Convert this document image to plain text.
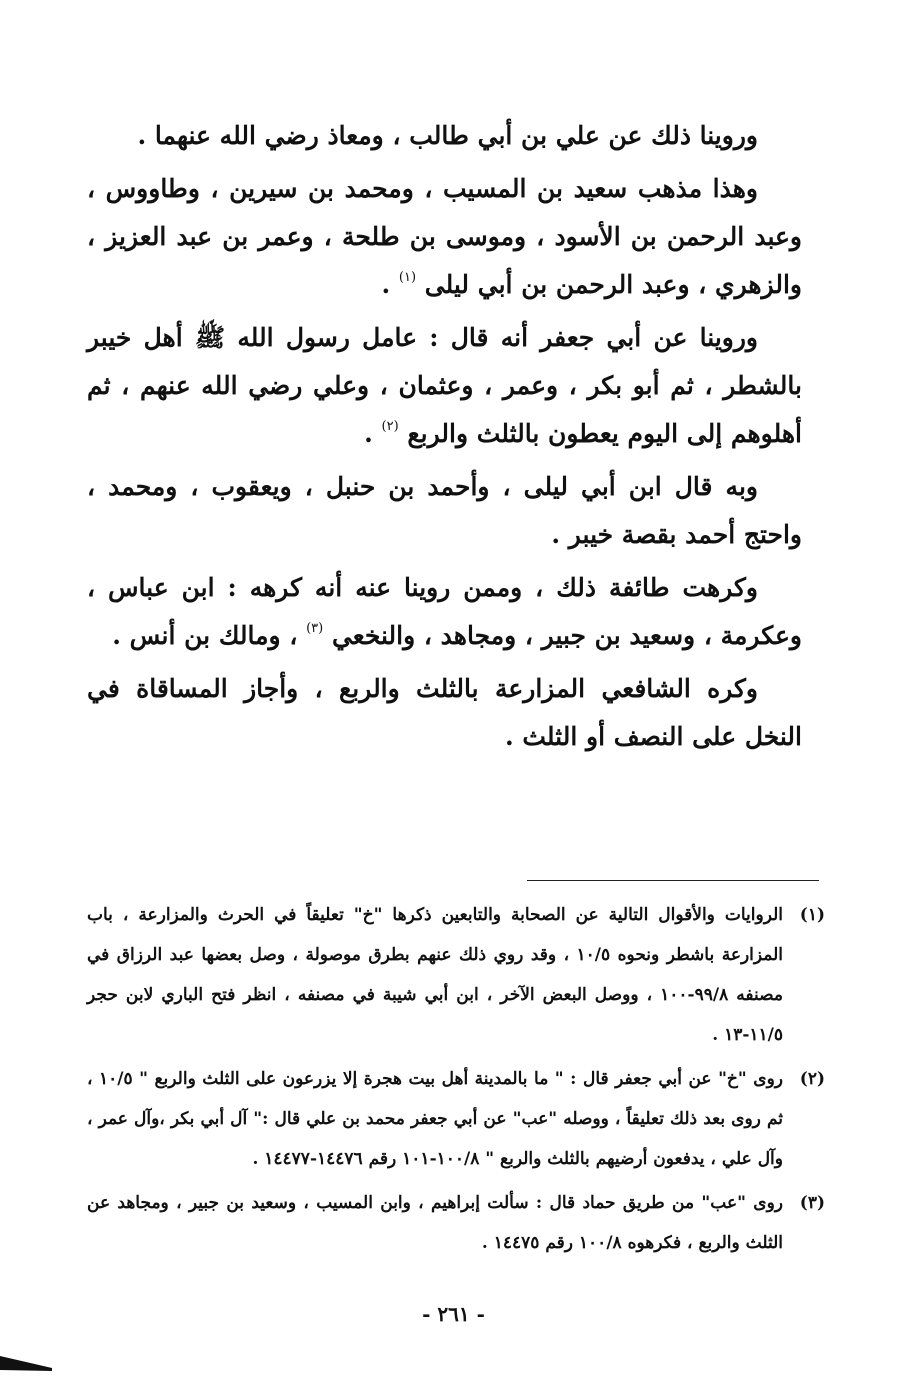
وروينا ذلك عن علي بن أبي طالب ، ومعاذ رضي الله عنهما .

وهذا مذهب سعيد بن المسيب ، ومحمد بن سيرين ، وطاووس ، وعبد الرحمن بن الأسود ، وموسى بن طلحة ، وعمر بن عبد العزيز ، والزهري ، وعبد الرحمن بن أبي ليلى $^{(١)}$ .

وروينا عن أبي جعفر أنه قال : عامل رسول الله ﷺ أهل خيبر بالشطر ، ثم أبو بكر ، وعمر ، وعثمان ، وعلي رضي الله عنهم ، ثم أهلوهم إلى اليوم يعطون بالثلث والربع $^{(٢)}$ .

وبه قال ابن أبي ليلى ، وأحمد بن حنبل ، ويعقوب ، ومحمد ، واحتج أحمد بقصة خيبر .

وكرهت طائفة ذلك ، وممن روينا عنه أنه كرهه : ابن عباس ، وعكرمة ، وسعيد بن جبير ، ومجاهد ، والنخعي $^{(٣)}$ ، ومالك بن أنس .

وكره الشافعي المزارعة بالثلث والربع ، وأجاز المساقاة في النخل على النصف أو الثلث .

(١)
الروايات والأقوال التالية عن الصحابة والتابعين ذكرها "خ" تعليقاً في الحرث والمزارعة ، باب المزارعة باشطر ونحوه ١٠/٥ ، وقد روي ذلك عنهم بطرق موصولة ، وصل بعضها عبد الرزاق في مصنفه ٩٩/٨-١٠٠ ، ووصل البعض الآخر ، ابن أبي شيبة في مصنفه ، انظر فتح الباري لابن حجر ١١/٥-١٣ .
(٢)
روى "خ" عن أبي جعفر قال : " ما بالمدينة أهل بيت هجرة إلا يزرعون على الثلث والربع " ١٠/٥ ، ثم روى بعد ذلك تعليقاً ، ووصله "عب" عن أبي جعفر محمد بن علي قال :" آل أبي بكر ،وآل عمر ، وآل علي ، يدفعون أرضيهم بالثلث والربع " ١٠٠/٨-١٠١ رقم ١٤٤٧٦-١٤٤٧٧ .
(٣)
روى "عب" من طريق حماد قال : سألت إبراهيم ، وابن المسيب ، وسعيد بن جبير ، ومجاهد عن الثلث والربع ، فكرهوه ١٠٠/٨ رقم ١٤٤٧٥ .
- ٢٦١ -
